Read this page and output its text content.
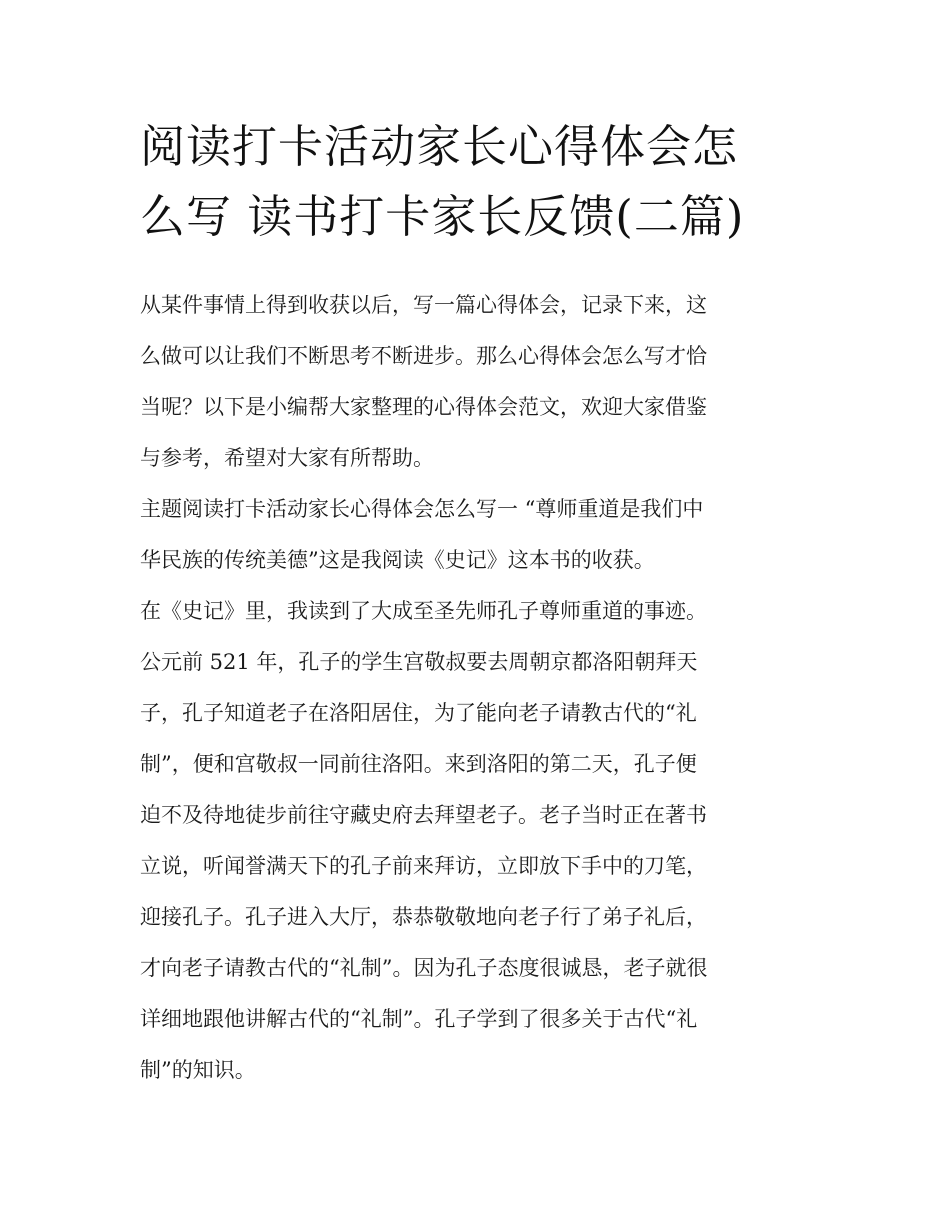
阅读打卡活动家长心得体会怎
么写 读书打卡家长反馈(二篇)
从某件事情上得到收获以后，写一篇心得体会，记录下来，这
么做可以让我们不断思考不断进步。那么心得体会怎么写才恰
当呢？以下是小编帮大家整理的心得体会范文，欢迎大家借鉴
与参考，希望对大家有所帮助。
主题阅读打卡活动家长心得体会怎么写一 “尊师重道是我们中
华民族的传统美德”这是我阅读《史记》这本书的收获。
在《史记》里，我读到了大成至圣先师孔子尊师重道的事迹。
公元前 521 年，孔子的学生宫敬叔要去周朝京都洛阳朝拜天
子，孔子知道老子在洛阳居住，为了能向老子请教古代的“礼
制”，便和宫敬叔一同前往洛阳。来到洛阳的第二天，孔子便
迫不及待地徒步前往守藏史府去拜望老子。老子当时正在著书
立说，听闻誉满天下的孔子前来拜访，立即放下手中的刀笔，
迎接孔子。孔子进入大厅，恭恭敬敬地向老子行了弟子礼后，
才向老子请教古代的“礼制”。因为孔子态度很诚恳，老子就很
详细地跟他讲解古代的“礼制”。孔子学到了很多关于古代“礼
制”的知识。
